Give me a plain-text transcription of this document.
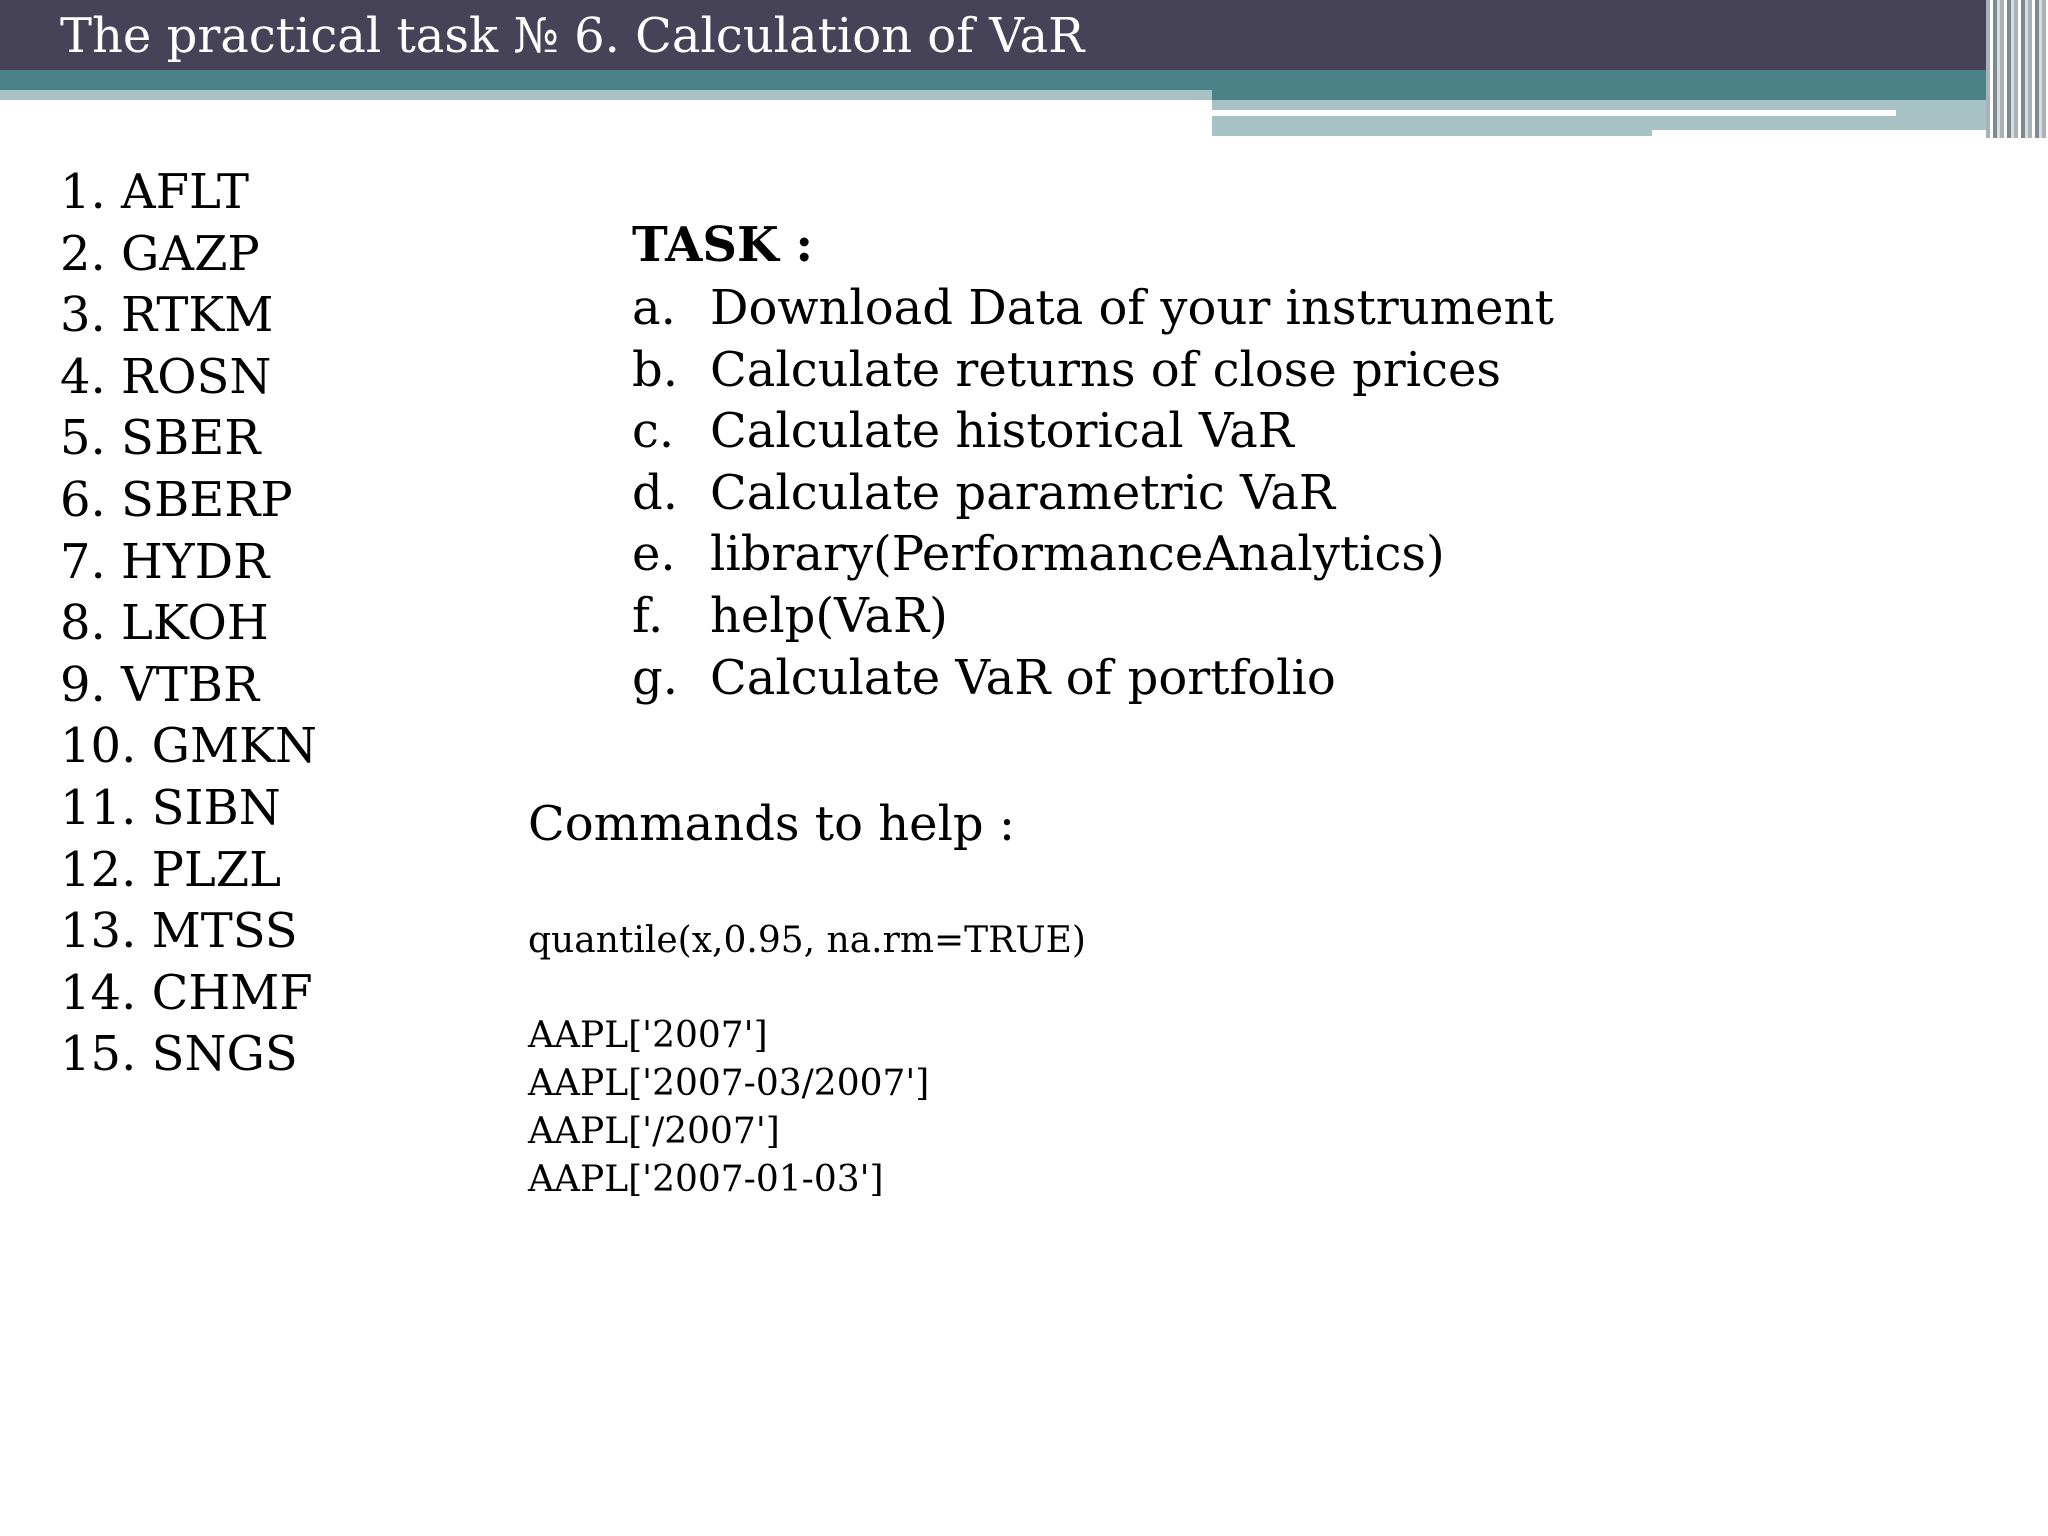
The practical task № 6. Calculation of VaR
1. AFLT
2. GAZP
3. RTKM
4. ROSN
5. SBER
6. SBERP
7. HYDR
8. LKOH
9. VTBR
10. GMKN
11. SIBN
12. PLZL
13. MTSS
14. CHMF
15. SNGS
TASK :
a. Download Data of your instrument
b. Calculate returns of close prices
c. Calculate historical VaR
d. Calculate parametric VaR
e. library(PerformanceAnalytics)
f. help(VaR)
g. Calculate VaR of portfolio
Commands to help :
quantile(x,0.95, na.rm=TRUE)
AAPL['2007']
AAPL['2007-03/2007']
AAPL['/2007']
AAPL['2007-01-03']
